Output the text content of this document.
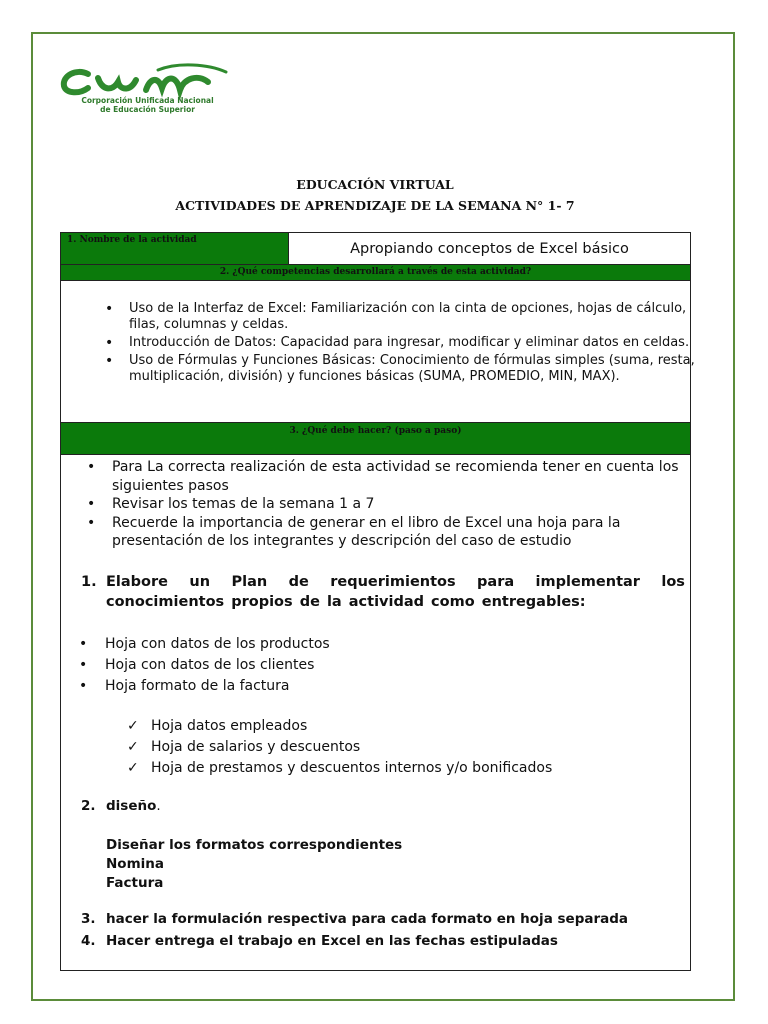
Corporación Unificada Nacional
de Educación Superior
EDUCACIÓN VIRTUAL
ACTIVIDADES DE APRENDIZAJE DE LA SEMANA N° 1- 7
1. Nombre de la actividad
Apropiando conceptos de Excel básico
2. ¿Qué competencias desarrollará a través de esta actividad?
• Uso de la Interfaz de Excel: Familiarización con la cinta de opciones, hojas de cálculo, filas, columnas y celdas.
• Introducción de Datos: Capacidad para ingresar, modificar y eliminar datos en celdas.
• Uso de Fórmulas y Funciones Básicas: Conocimiento de fórmulas simples (suma, resta, multiplicación, división) y funciones básicas (SUMA, PROMEDIO, MIN, MAX).
3. ¿Qué debe hacer? (paso a paso)
• Para La correcta realización de esta actividad se recomienda tener en cuenta los siguientes pasos
• Revisar los temas de la semana 1 a 7
• Recuerde la importancia de generar en el libro de Excel una hoja para la presentación de los integrantes y descripción del caso de estudio
1. Elabore un Plan de requerimientos para implementar los
conocimientos propios de la actividad como entregables:
• Hoja con datos de los productos
• Hoja con datos de los clientes
• Hoja formato de la factura
✓ Hoja datos empleados
✓ Hoja de salarios y descuentos
✓ Hoja de prestamos y descuentos internos y/o bonificados
2. diseño.
Diseñar los formatos correspondientes
Nomina
Factura
3. hacer la formulación respectiva para cada formato en hoja separada
4. Hacer entrega el trabajo en Excel en las fechas estipuladas
